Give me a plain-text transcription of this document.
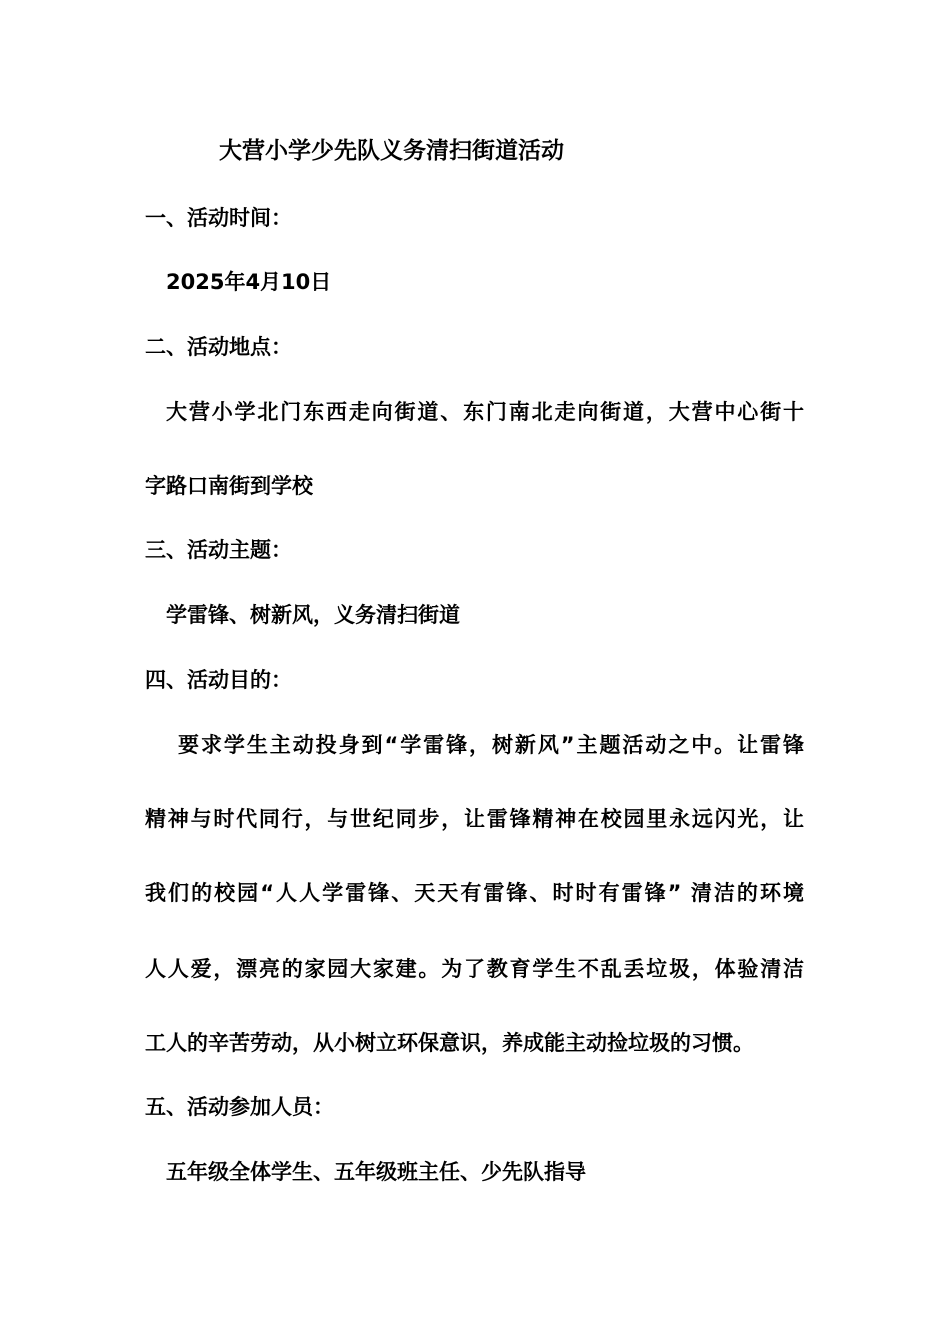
大营小学少先队义务清扫街道活动
一、活动时间：
2025年4月10日
二、活动地点：
大营小学北门东西走向街道、东门南北走向街道，大营中心街十
字路口南街到学校
三、活动主题：
学雷锋、树新风，义务清扫街道
四、活动目的：
要求学生主动投身到“学雷锋，树新风”主题活动之中。让雷锋
精神与时代同行，与世纪同步，让雷锋精神在校园里永远闪光，让
我们的校园“人人学雷锋、天天有雷锋、时时有雷锋” 清洁的环境
人人爱，漂亮的家园大家建。为了教育学生不乱丢垃圾，体验清洁
工人的辛苦劳动，从小树立环保意识，养成能主动捡垃圾的习惯。
五、活动参加人员：
五年级全体学生、五年级班主任、少先队指导
